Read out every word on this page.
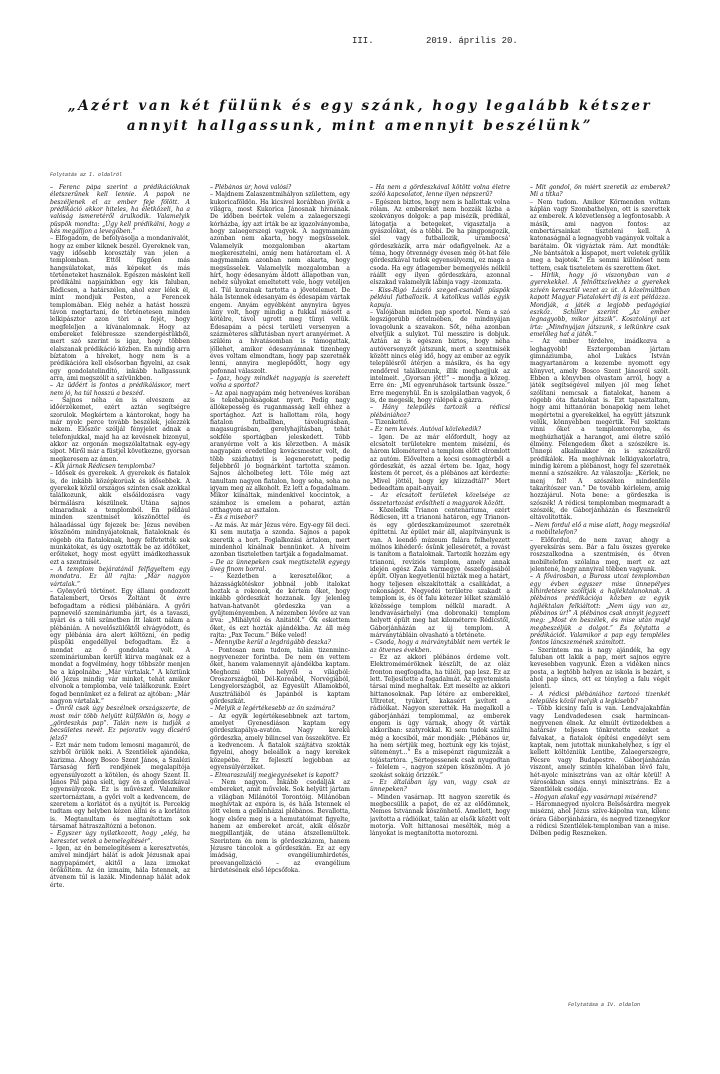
III.	2019. április 20.
„Azért van két fülünk és egy szánk, hogy legalább kétszer annyit hallgassunk, mint amennyit beszélünk”
Folytatás az I. oldalról

– Ferenc pápa szerint a prédikációknak életszerűnek kell lenniе. A papok ne beszéljenek el az ember feje fölött. A prédikáció akkor hiteles, ha életközeli, ha a valóság ismeretéről árulkodik. Valamelyik püspök mondta: „Úgy kell prédikálni, hogy a kés megálljon a levegőben.”

– Elfogadom, de befolyásolja a mondanivalót, hogy az ember kiknek beszél. Gyereknek van, vagy idősebb korosztály van jelen a templomban. Ettől függően más hangsúlatokat, más képeket és más történeteket használok. Egészen másként kell prédikálni napjainkban egy kis faluban, Rédicsen, a határszélen, ahol ezer lélek él, mint mondjuk Pesten, a Ferencek templomában. Elég nehéz a hatást hosszú távon megtartani, de történetesen minden lelkipásztor azon töri a fejét, hogy megfeleljen a kívánalomnak. Hogy az embereket felébressze szendergéstükből, mert szó szerint is igaz, hogy többen elalszanak prédikáció közben. En mindig arra bíztatom a híveket, hogy nem is a prédikációra kell elsősorban figyelni, az csak egy gondolatelindító, inkább hallgassunk arra, ami megszólít a szívünkben.

– Az üdőért is fontos a prédikálásкor, mert nem jó, ha túl hosszú a beszéd.

– Sajnos néha én is elveszem az időérzékemet, ezért aztán segítségre szorulok. Megkértem a kántorokat, hogy ha már nyolc perce tovább beszélek, jelezzék nekem. Először szóljál fényjelet adnak a telefonjukkal, majd ha az kevésnek bizonyul, akkor az orgonán megszólaltatnak egy-egy sípot. Miről már a füstjel következne, gyorsan megkeresem az ámen.

– Kik járnak Rédicsen templomba?

– Idősek és gyerekek. A gyerekek és fiatalok is, de inkább középkorúak és idősebbek. A gyerekek közül országos szinten csak azokkal találkozunk, akik elsőáldozásra vagy bérmálásra készülnek. Utána sajnos elmaradnak a templomból. En például minden szentmisét köszönöttel és hálaadással úgy fejezek be: Jézus nevében köszönöm mindnyájatoknak, fiataloknak és régebb óta fiataloknak, hogy felfetették sok munkátokat, és úgy osztották be az időtöket, erőiteket, hogy most együtt imádkozhassuk ezt a szentmisét.

– A templom bejáratánál felfigyeltem egy mondatra. Ez áll rajta: „Már nagyon vártalak.”

– Gyönyörű történet. Egy állami gondozott fiatalembert, Orsós Zoltánt öt évre befogadtam a rédicsi plébániára. A győri papnevelő szemináriumba járt, és a tavaszi, nyári és a téli szünetben itt lakott nálam a plébánián. A nevelőszülőktől elvágyódott, és egy plébánia ára alert költözni, én pedig püspöki engedéllyel befogadtam. Ez a mondat az ő gondolata volt. A szemináriumban került kiirva magának ez a mondat a fogvélmény, hogy többször menjen be a kápolnába: „Már vártalak.” A köztünk élő Jézus mindig vár minket, tehát amikor elvonok a templomba, velé találkozunk. Ezért fogad bennünket ez a felirat az ajtóban: „Már nagyon vártalak.”

– Önről csak úgy beszélnek országszerte, de most már több helyütt külföldön is, hogy a „gördeszkás pap”. Talán nem is tudják a becsületes nevét. Ez pejoratív vagy dicsérő jelző?

– Ezt már nem tudom lemosni magamról, de szívből örülök neki. A Szentlélek ajándéka, karizma. Ahogy Bosco Szent János, a Szalézi Társaság férfi rendjének megalapítója egyensúlyozott a kötélen, és ahogy Szent II. János Pál pápa síelt, úgy én a gördeszkával egyensúlyozok. Ez is művészet. Valamikor szertornáztam, a győri volt a kedvencem, de szeretem a korlátot és a nyújtót is. Percekig tudtam egy helyben kézen állni és a korláton is. Megtanultam és megtanítottam sok társamat hátraszaltózni a betonon.

– Egyszer úgy nyilatkozott, hogy „elég, ha keresztet vetek a bemelegítésér”.

– Igen, az én bemelegítésem a keresztvetés, amivel mindjárt hálát is adok Jézusnak apai nagypapámért, akitől a laza izmokat örököltem. Az én izmaim, hála Istennek, az átvenem túl is lazák. Mindennap hálát adok érte.

– Plébános úr, hová valósi?

– Majdnem Zalaszentmihályon születtem, egy kukoricaföldön. Ha kicsivel korábban jövök a világra, most Kukorica Jánosnak hívnának. De időben beértek velem a zalaegerszegi kórházba, így azt írták be az igazolványomba, hogy zalaegerszegi vagyok. A nagymamám azonban nem akarta, hogy megsüsselek. Valamelyik mozgalomban akartam megkeresztelni, amíg nem határoztam el. A nagymamám azonban nem akarta, hogy megsüsselek. Valamelyik mozgalomban a hírt, hogy édesanyám áldott állapotban van, nehéz súlyokat emeltetett vele, hogy vetéljen el. Túl korainak tartotta a jövetelemet. De hála Istennek édesanyám és édesapám vártak engem. Anyám egyébként anynyira ügyes lány volt, hogy mindig a fukkal másott a kötélre, távol ugrott meg tünyi velük. Édesapám a pécsi területi versenyen a százméteres síkfutásban nyert aranyérmet. A szülém a hívatásomban is támogattak, jöllehet, amikor édesanyámnak tizenhegy éves voltam elmondtam, hogy pap szeretnék lenni, annyira meglepődött, hogy egy pofonnal válaszolt.

– Igaz, hogy mindkét nagyapja is szeretett volna a sportot?

– Az apai nagyapám még hetvenéves korában is tekebajnokságokat nyert. Pedig nagy állókepesség és ruganmasság kell ehhez a sportághoz. Azt is hallottam róla, hogy fiatalon futballban, távolugrásban, magasugrásban, gerelyhajításban, tehát sokféle sportágban jeleskedett. Több aranyérme volt a kis körzetben. A másik nagyapám eredetileg kovácsmester volt, de több százhatnyi is legeneretett, pedig feljebbről jó bognárként tartotta számon. Sajnos álcholbeteg lett. Tőle még azt tanultam nagyon fiatalon, hogy soha, soha ne igyam meg az alkoholt. Ez lett a fogadalmam. Mikor kiináltak, mindenkivel koccintok, a számhoz is emelem a poharat, aztán otthagyom az asztalon.

– És a misebor?

– Az más. Az már Jézus vére. Egy-egy fél deci. Ki sem mutatja a szonda. Sajnos a papok szeretik a bort. Foglalkozási ártalom, mert mindenhol kínálnak bennünket. A híveim azonban tiszteletben tartják a fogadalmamat.

– De az ünnepeken csak megtisztelik egyegy üveg finom borral.

– Kezdetben a keresztelőkor, a házasságkötéskor jobbnál jobb italokat hoztak a rokonok, de kértem őket, hogy inkább gördeszkát hozzanak. Így jelenleg hatvan-hatvanöt gördeszka van a gyűjteményemben. A nézemben lévőre az van írva: „Mihálytól és Anitától.” Ők eskettem őket, és ezt hozták ajándékba. Az áll még rajta: „Pax Tecum.” Béke veled!

– Mennyibe kerül a legdrágább deszka?

– Pontosan nem tudom, talán tizenminc-negyvenezer forintba. De nem én vettem őket, hanem valamennyit ajándékba kaptam. Meghozni több helyről a világból: Oroszországból, Dél-Koreából, Norvégiából, Lengyelországból, az Egyesült Államokból, Ausztráliából és Japánból is kaptam gördeszkát.

– Melyik a legértékesebb az ön számára?

– Az egyik legértékesebbnek azt tartom, amelyet Gyenesdiáson kaptam egy gördeszkapálya-avatón. Nagy kerekű gördeszka, amely bilincsel van összekötve. Ez a kedvencem. A fiatalok szájtátva szokták figyelni, ahogy beleállok a nagy kerekek közepébe. Ez fejlesztí legjobban az egyensúlyérzéket.

– Elmaraszulálj megjegyzéseket is kapott?

– Nem nagyon. Inkább csodálják az embereket, amit művelek. Sok helyütt jártam a világban Milánótól Torontóig. Milánóban meghívtak az expóra is, és hála Istennek el jött velem a gellénházai plébános. Bevallotta, hogy elsőre meg is a hemutatóimat figyelte, hanem az embereket arcát, akik először megpillantják, de utána átszellemültek. Szerintem én nem is gördeszkázom, hanem Jézusre táncolok a gördeszkán. Ez az egy imádság, evangéliumhirdetés, preevangelizáció – az evangélium hirdetésének első lépcsőfoka.

– Ha nem a gördeszkával kötött volna életre szóló kapcsolatot, lenne ilyen népszerű?

– Egészen biztos, hogy nem is hallottak volna rólam. Az embereket nem hozzák lázba a szokványos dolgok: a pap misézik, prédikál, látogatja a betegeket, vigasztalja a gyászolókat, és a többi. De ha pingpongozik, síel vagy futballozik, urambocsá' gördeszkázik, arra már odafigyelnek. Az a téma, hogy ötvennégy évesen még öt-hat féle gördeszkával tudok egyensúlyozni, ez maga a csoda. Ha egy átlagember bemegyelés nélkül ráállt egy ilyen gördeszkára, azonnal elszakad valamelyik lábinja vagy -izomzata.

– Kiss-Rigó László szeged-csanádi püspök például futballozik. A katolikus vallás egyik kapuja.

– Valójában minden pap sportol. Nem a szó legszigorúbb értelmében, de mindnyájan lovagolunk a szavakon. Sőt, néha azonban elvetjük a sulykot. Túl messzire is dobjuk. Aztán az is egészen biztos, hogy néha autóversenyzőt játszunk, mert a szentmisék között nincs elég idő, hogy az ember az egyik településről átérjen a másikra, és ha egy rendőrrel találkozunk, illik meghagjjuk az intelmeit. „Gyorsan jött!” – mondja a közeg. Erre én: „Mi egyenruhások tartsunk össze.” Erre megenyhül. Én is szolgálatban vagyok, ő is, de megesik, hogy rálépek a gázra.

– Hány település tartozik a rédicsi plébániához?

– Tizenkettő.

– Ez nem kevés. Autóval közlekedik?

– Igen. De az már előfordult, hogy az elcsatolt területekre mentem misézni, és három kilométerrel a templom előtt elromlott az autóm. Előveltem a kocsi csomagtérből a gördeszkát, és azzal értem be. Igaz, hogy késtem öt percet, és a plébános azt kérdezte: „Mivel jöttél, hogy így kiizzadtál?” Mert bedeadtam apait-anyait.

– Az elcsatolt területek közelsége az összetartozást erősítheti a magyarok között.

– Közeledik Trianon centenáriuma, ezért Rédicsen, itt a trianoni határon, egy Trianon- és egy gördeszkamúzeumot szeretnék építtetni. Az épület már áll, alapítványunk is van. A leendő múzeum falára felhelyezett mólnos kihéderő: ősünk jelleséretét, a rovást is tanítom a fiataloknak. Tartozik hozzám egy trianoni, revíziós templom, amely annak idején egész Zala vármegye összefogásából épült. Olyan kegyetlenül húzták meg a határt, hogy teljesen elszakították a csalikádat, a rokonságot. Negyedéi területre szakadt a templom is, és öt falu kétezer lélket számláló közössége templom nélkül maradt. A lendvavásárhelyi (ma dobronaki) templom helyett épült meg hat kilométerre Rédicstől, Gáborjánházán az új templom. A márványtábláin olvasható a története.

– Csoda, hogy a márványtáblát nem verték le az ötvenes években.

– Ez az akkori plébános érdeme volt. Elektroméméröknek készült, de az oláz fronton megfogadta, ha túléli, pap lesz. Ez az lett. Teljesítette a fogadalmát. Az egyetemista társai mind meghaltak. Ezt mesélte az akkori hittanosoknak. Pap létére az emberekkel, Ultretet, tyúkért, kakasért javított a rádióikat. Nagyon szerették. Ha megalkoll a gáborjánházi templommal, az emberek engem is úgy várnak, ahogy őt várták akkoriban: szatyrokkal. Ki sem tudok szállni még a kocsiból, már mondják: „Plébános úr, ha nem sértjük meg, hoztunk egy kis tojást, süteményt...” És a misepénzt rágumizzák a tojástartóra. „Sértegessenek csak nyugodtan – felelem –, nagyon szépen köszönöm. A jó szokást sokáig őrizzék.”

– Ez általában így van, vagy csak az ünnepeken?

– Minden vasárnap. Itt nagyon szeretik és megbecsülik a papot, de ez az elődömnek, Nemes Istvánnak köszönhető. Amellett, hogy javította a rádióikat, talán az elsők között volt motorja. Volt hittanosai mesélték, még a lányokat is megtanította motorozni.

– Mit gondol, ön miért szeretik az emberek? Mi a titka?

– Nem tudom. Amikor Körmenden voltam káplán vagy Szombathelyen, ott is szerettek az emberek. A közvetlenség a legfontosabb. A másik, ami nagyon fontos: az embertársainkat tiszteleni kell. A katonaságnál a legnagyobb vagányok voltak a barátaim. Ők vigyáztak rám. Azt mondták: „Ne bántsátok a kispapot, mert veletek gyűlik meg a bajotok.” Én semmi különöset nem tettem, csak tiszteletem és szerettem őket.

– Hírlik, hogy jó viszonyban van a gyerekekkel. A felnőttszívekhez a gyerekek szívén keresztül vezet az út. A közelmúltban kapott Magyar Fiatalokért díj is ezt példázza. Mondják, a játék a legjobb pedagógiai eszköz. Schiller szerint „Az ember legnagyobb, mikor játszik”. Kosztolányi azt írta: „Mindnyájan játszunk, s lelkünkre csak emelőleg hat a játék.”

– Az ember térdelve, imádkozva a leghagyobb! Esztergomban jártam gimnáziumba, ahol Lukács István magyartanárom a kezembe nyomott egy könyvet, amely Bosco Szent Jánosról szólt. Ebben a könyvben olvastam arról, hogy a játék segítségével milyen jól meg lehet szólítani nemcsak a fiatalokat, hanem a régebb óta fiatalokat is. Ezt tapasztaltam, hogy ami hittanórán bonapokig nem lehet megértetni a gyerekekkel, ha együtt játszunk velük, könnyebben megértik. Fel szoktam vinni őket a templomtoronyba, és meghúzhatják a harangot, ami életre szóló élmény. Felengedem őket a szószékre is. Ünnepi alkalmakkor én is szószékről prédikálok. Ha meghívnak lelkigyakorlatra, mindig kérem a plébánost, hogy fel szeretnék menni a szószékre. Az válaszolja: „Kérlek, ne menj fel! A szószéken mindenféle takarítószer van.” De tovább kérlelem, amig hozzájárul. Nota bene: a gördeszka is szószék! A rédicsi templomban megmaradt a szószék, de Gáborjánházán és Resznekről eltávolították.

– Nem fordul elő a mise alatt, hogy megszólal a mobiltelefon?

– Előfordul, de nem zavar, ahogy a gyereksírás sem. Bár a falu összes gyereke roszszalkodna a szentmisén, és ötven mobiltelefon szólalna meg, mert ez azt jelentené, hogy annyival többen vagyunk.

– A fővárosban, a Buross utcai templomban egy évben egyszer mise ünnepélyes kihirdetésre szólítják a hajléktalanoknak. A plébános prédikációja közben az egyik hajléktalan felkiáltott: „Nem úgy van az, plébános úr!” A plébános csak annyit jegyzett meg: „Most én beszélek, és mise után majd megbeszéljük a dolgot.” És folytatta a prédikációt. Valamikor a pap egy templéles fontos láncszemének számított.

– Szerintem ma is nagy ajándék, ha egy faluban ott lakik a pap, mert sajnos egyre kevesebben vagyunk. Ezen a vidéken nincs posta, a legtöbb helyen az iskola is bezárt, s ahol pap sincs, ott ez tényleg a falu végét jelenti.

– A rédicsi plébániához tartozó tizenkét település közül melyik a legkisebb?

– Több kicsiny falu is van. Lendvajakabfán vagy Lendvadedesen csak harmincan-negyvenen élnek. Az elmúlt évtizedekben a határsáv teljesen tönkretette ezeket a falvakat, a fiatalok építési engedélyt sem kaptak, nem jutottak munkahelyhez, s így el kellett költözniük Lentibe, Zalaegerszegre, Pécsre vagy Budapestre. Gáborjánházán viszont, amely szintén kihalóban lévő falu, hét-nyolc minisztráns van az oltár körül! A városokban sincs ennyi minisztráns. Ez a Szentlélek csodája.

– Hogyan alakul egy vasárnapi misérend?

– Háromnegyed nyolcra Belsősárdra megyek misézni, ahol Jézus szíve-kápolna van, kilenc órára Gáborjánházára, és negyed tizenegykor a rédicsi Szentlélek-templomban van a mise. Délben pedig Reszneken.

Folytatása a IV. oldalon
